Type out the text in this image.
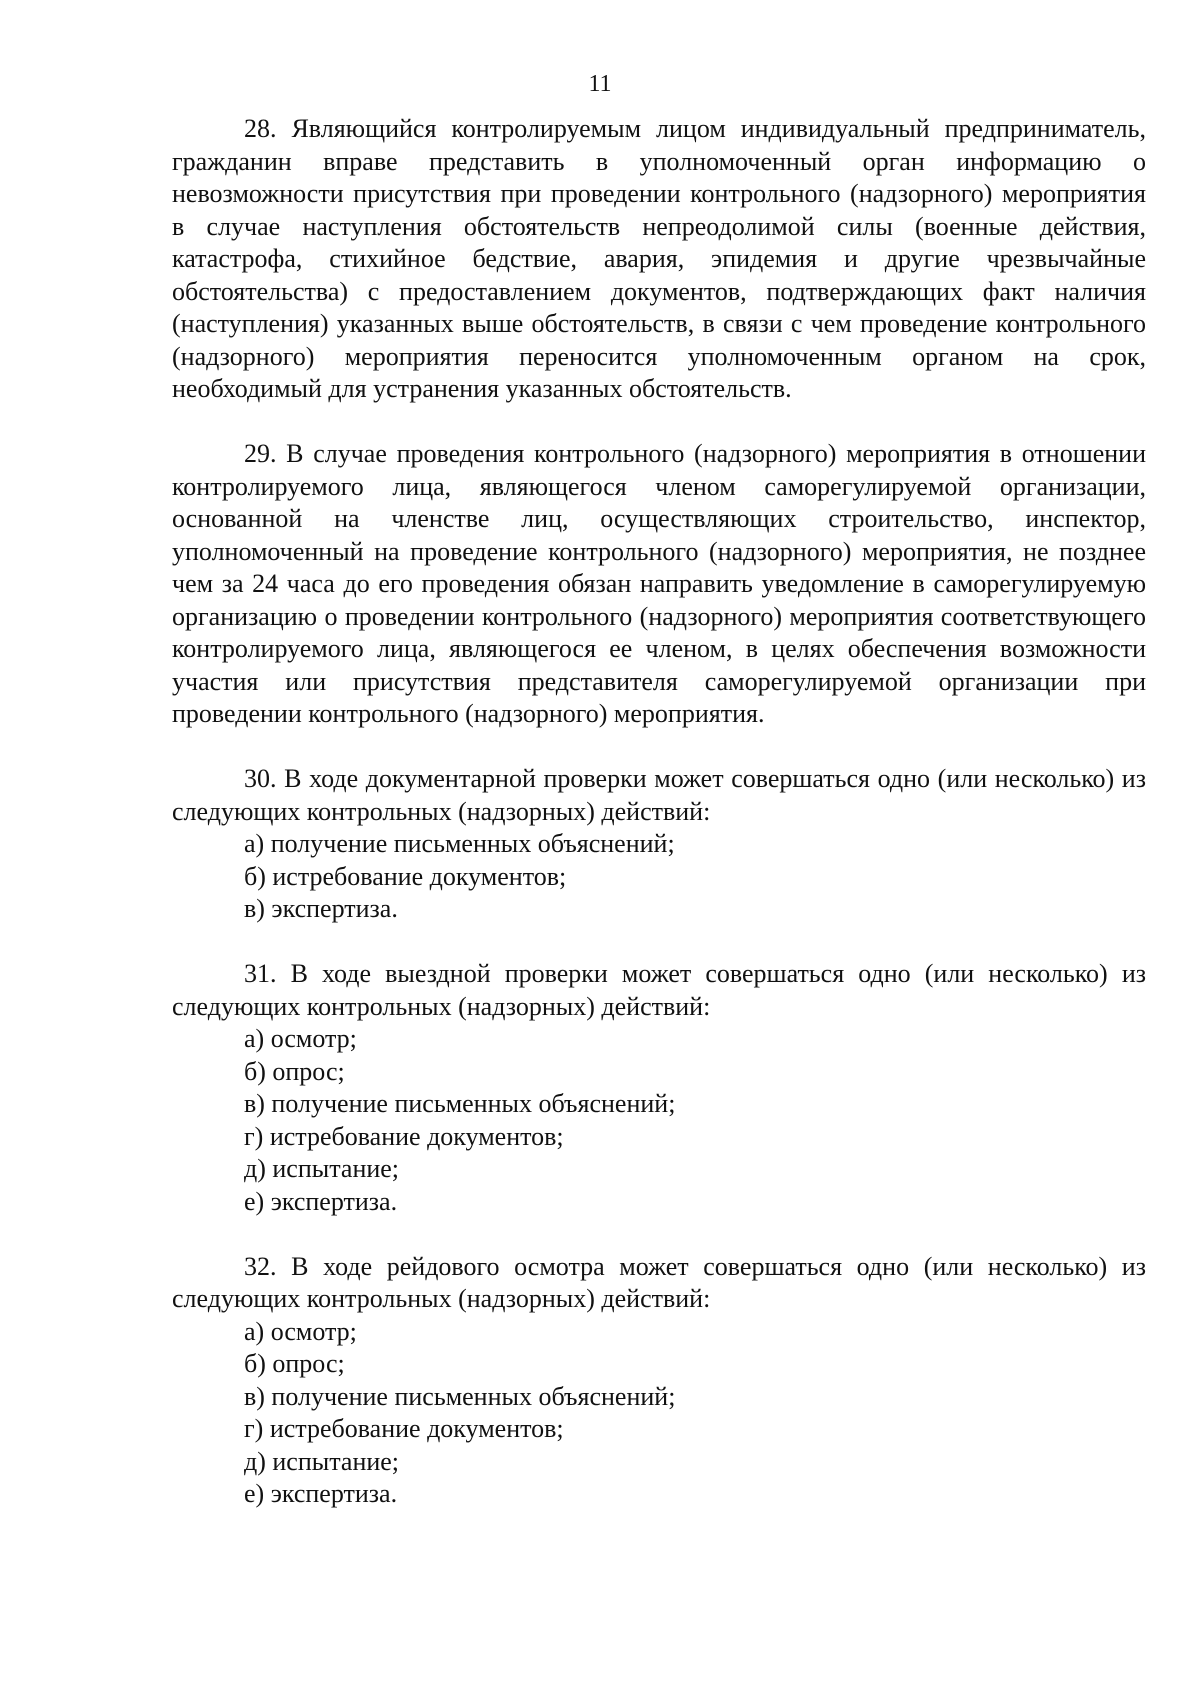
11

28. Являющийся контролируемым лицом индивидуальный предприниматель, гражданин вправе представить в уполномоченный орган информацию о невозможности присутствия при проведении контрольного (надзорного) мероприятия в случае наступления обстоятельств непреодолимой силы (военные действия, катастрофа, стихийное бедствие, авария, эпидемия и другие чрезвычайные обстоятельства) с предоставлением документов, подтверждающих факт наличия (наступления) указанных выше обстоятельств, в связи с чем проведение контрольного (надзорного) мероприятия переносится уполномоченным органом на срок, необходимый для устранения указанных обстоятельств.

29. В случае проведения контрольного (надзорного) мероприятия в отношении контролируемого лица, являющегося членом саморегулируемой организации, основанной на членстве лиц, осуществляющих строительство, инспектор, уполномоченный на проведение контрольного (надзорного) мероприятия, не позднее чем за 24 часа до его проведения обязан направить уведомление в саморегулируемую организацию о проведении контрольного (надзорного) мероприятия соответствующего контролируемого лица, являющегося ее членом, в целях обеспечения возможности участия или присутствия представителя саморегулируемой организации при проведении контрольного (надзорного) мероприятия.

30. В ходе документарной проверки может совершаться одно (или несколько) из следующих контрольных (надзорных) действий:

а) получение письменных объяснений;

б) истребование документов;

в) экспертиза.

31. В ходе выездной проверки может совершаться одно (или несколько) из следующих контрольных (надзорных) действий:

а) осмотр;

б) опрос;

в) получение письменных объяснений;

г) истребование документов;

д) испытание;

е) экспертиза.

32. В ходе рейдового осмотра может совершаться одно (или несколько) из следующих контрольных (надзорных) действий:

а) осмотр;

б) опрос;

в) получение письменных объяснений;

г) истребование документов;

д) испытание;

е) экспертиза.
